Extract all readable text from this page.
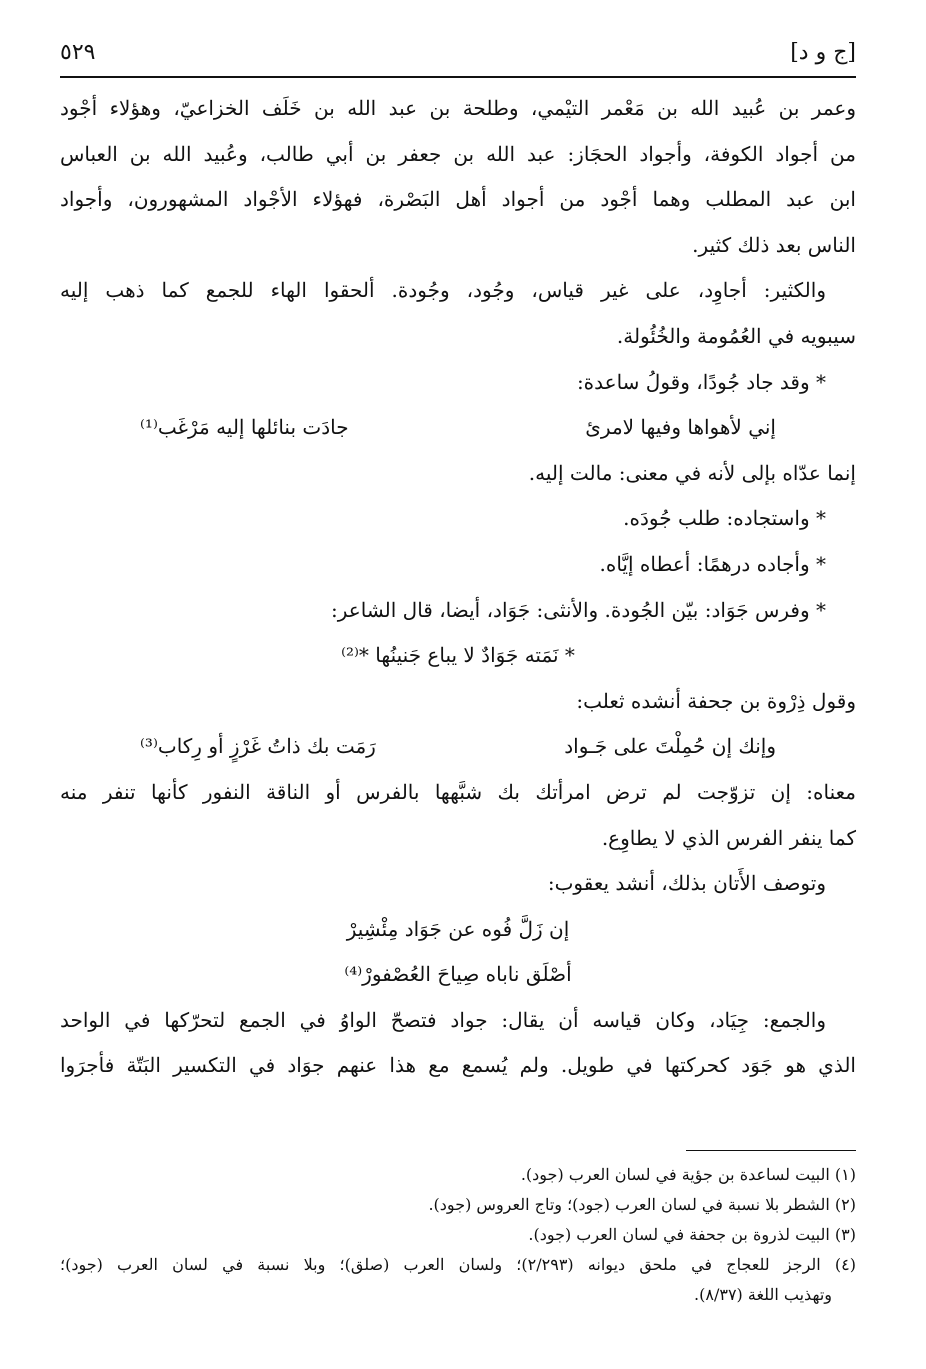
[ج و د]
٥٢٩
وعمر بن عُبيد الله بن مَعْمر التيْمي، وطلحة بن عبد الله بن خَلَف الخزاعيّ، وهؤلاء أجْود
من أجواد الكوفة، وأجواد الحجَاز: عبد الله بن جعفر بن أبي طالب، وعُبيد الله بن العباس
ابن عبد المطلب وهما أجْود من أجواد أهل البَصْرة، فهؤلاء الأجْواد المشهورون، وأجواد
الناس بعد ذلك كثير.
والكثير: أجاوِد، على غير قياس، وجُود، وجُودة. ألحقوا الهاء للجمع كما ذهب إليه
سيبويه في العُمُومة والخُئُولة.
* وقد جاد جُودًا، وقولُ ساعدة:
إني لأهواها وفيها لامرئ
جادَت بنائلها إليه مَرْغَب⁽¹⁾
إنما عدّاه بإلى لأنه في معنى: مالت إليه.
* واستجاده: طلب جُودَه.
* وأجاده درهمًا: أعطاه إيَّاه.
* وفرس جَوَاد: بيّن الجُودة. والأنثى: جَوَاد، أيضا، قال الشاعر:
* نَمَته جَوَادٌ لا يباع جَنينُها *⁽²⁾
وقول ذِرْوة بن جحفة أنشده ثعلب:
وإنك إن حُمِلْتَ على جَـواد
رَمَت بك ذاتُ غَرْزٍ أو رِكاب⁽³⁾
معناه: إن تزوّجت لم ترض امرأتك بك شبَّهها بالفرس أو الناقة النفور كأنها تنفر منه
كما ينفر الفرس الذي لا يطاوِع.
وتوصف الأَتان بذلك، أنشد يعقوب:
إن زَلَّ فُوه عن جَوَاد مِئْشِيرْ
أصْلَق ناباه صِياحَ العُصْفورْ⁽⁴⁾
والجمع: جِيَاد، وكان قياسه أن يقال: جواد فتصحّ الواوُ في الجمع لتحرّكها في الواحد
الذي هو جَوَد كحركتها في طويل. ولم يُسمع مع هذا عنهم جوَاد في التكسير البَتّة فأجرَوا
(١) البيت لساعدة بن جؤية في لسان العرب (جود).
(٢) الشطر بلا نسبة في لسان العرب (جود)؛ وتاج العروس (جود).
(٣) البيت لذروة بن جحفة في لسان العرب (جود).
(٤) الرجز للعجاج في ملحق ديوانه (٢/٢٩٣)؛ ولسان العرب (صلق)؛ وبلا نسبة في لسان العرب (جود)؛
وتهذيب اللغة (٨/٣٧).
